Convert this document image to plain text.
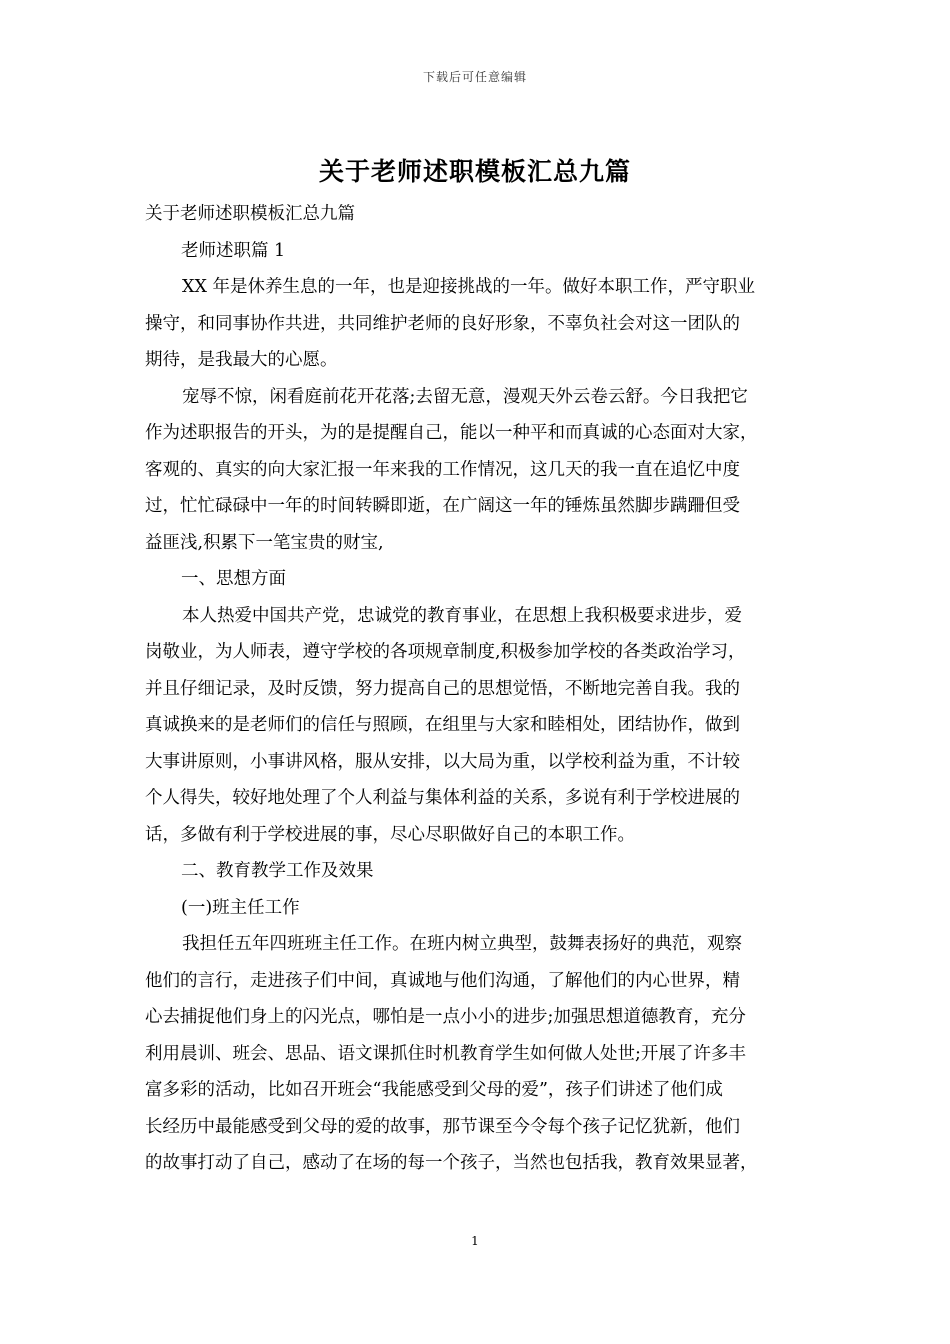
下载后可任意编辑
关于老师述职模板汇总九篇

关于老师述职模板汇总九篇

老师述职篇 1

XX 年是休养生息的一年，也是迎接挑战的一年。做好本职工作，严守职业
操守，和同事协作共进，共同维护老师的良好形象，不辜负社会对这一团队的
期待，是我最大的心愿。

宠辱不惊，闲看庭前花开花落;去留无意，漫观天外云卷云舒。今日我把它
作为述职报告的开头，为的是提醒自己，能以一种平和而真诚的心态面对大家，
客观的、真实的向大家汇报一年来我的工作情况，这几天的我一直在追忆中度
过，忙忙碌碌中一年的时间转瞬即逝，在广阔这一年的锤炼虽然脚步蹒跚但受
益匪浅,积累下一笔宝贵的财宝,

一、思想方面

本人热爱中国共产党，忠诚党的教育事业，在思想上我积极要求进步，爱
岗敬业，为人师表，遵守学校的各项规章制度,积极参加学校的各类政治学习，
并且仔细记录，及时反馈，努力提高自己的思想觉悟，不断地完善自我。我的
真诚换来的是老师们的信任与照顾，在组里与大家和睦相处，团结协作，做到
大事讲原则，小事讲风格，服从安排，以大局为重，以学校利益为重，不计较
个人得失，较好地处理了个人利益与集体利益的关系，多说有利于学校进展的
话，多做有利于学校进展的事，尽心尽职做好自己的本职工作。

二、教育教学工作及效果

(一)班主任工作

我担任五年四班班主任工作。在班内树立典型，鼓舞表扬好的典范，观察
他们的言行，走进孩子们中间，真诚地与他们沟通，了解他们的内心世界，精
心去捕捉他们身上的闪光点，哪怕是一点小小的进步;加强思想道德教育，充分
利用晨训、班会、思品、语文课抓住时机教育学生如何做人处世;开展了许多丰
富多彩的活动，比如召开班会“我能感受到父母的爱”，孩子们讲述了他们成
长经历中最能感受到父母的爱的故事，那节课至今令每个孩子记忆犹新，他们
的故事打动了自己，感动了在场的每一个孩子，当然也包括我，教育效果显著，

1
